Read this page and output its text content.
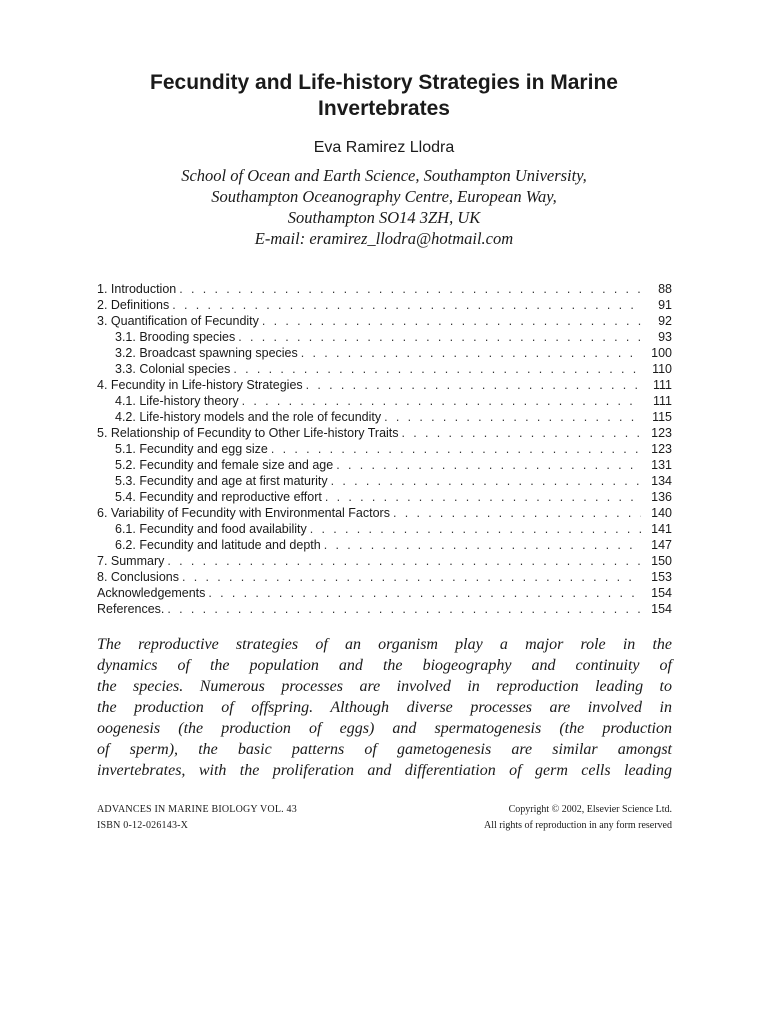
Fecundity and Life-history Strategies in Marine
Invertebrates
Eva Ramirez Llodra
School of Ocean and Earth Science, Southampton University,
Southampton Oceanography Centre, European Way,
Southampton SO14 3ZH, UK
E-mail: eramirez_llodra@hotmail.com
1. Introduction . . .	88
2. Definitions . . .	91
3. Quantification of Fecundity . . .	92
3.1. Brooding species . . .	93
3.2. Broadcast spawning species . . .	100
3.3. Colonial species . . .	110
4. Fecundity in Life-history Strategies . . .	111
4.1. Life-history theory . . .	111
4.2. Life-history models and the role of fecundity . . .	115
5. Relationship of Fecundity to Other Life-history Traits . . .	123
5.1. Fecundity and egg size . . .	123
5.2. Fecundity and female size and age . . .	131
5.3. Fecundity and age at first maturity . . .	134
5.4. Fecundity and reproductive effort . . .	136
6. Variability of Fecundity with Environmental Factors . . .	140
6.1. Fecundity and food availability . . .	141
6.2. Fecundity and latitude and depth . . .	147
7. Summary . . .	150
8. Conclusions . . .	153
Acknowledgements . . .	154
References. . . .	154
The reproductive strategies of an organism play a major role in the
dynamics of the population and the biogeography and continuity of
the species. Numerous processes are involved in reproduction leading to
the production of offspring. Although diverse processes are involved in
oogenesis (the production of eggs) and spermatogenesis (the production
of sperm), the basic patterns of gametogenesis are similar amongst
invertebrates, with the proliferation and differentiation of germ cells leading
ADVANCES IN MARINE BIOLOGY VOL. 43
ISBN 0-12-026143-X
Copyright © 2002, Elsevier Science Ltd.
All rights of reproduction in any form reserved
